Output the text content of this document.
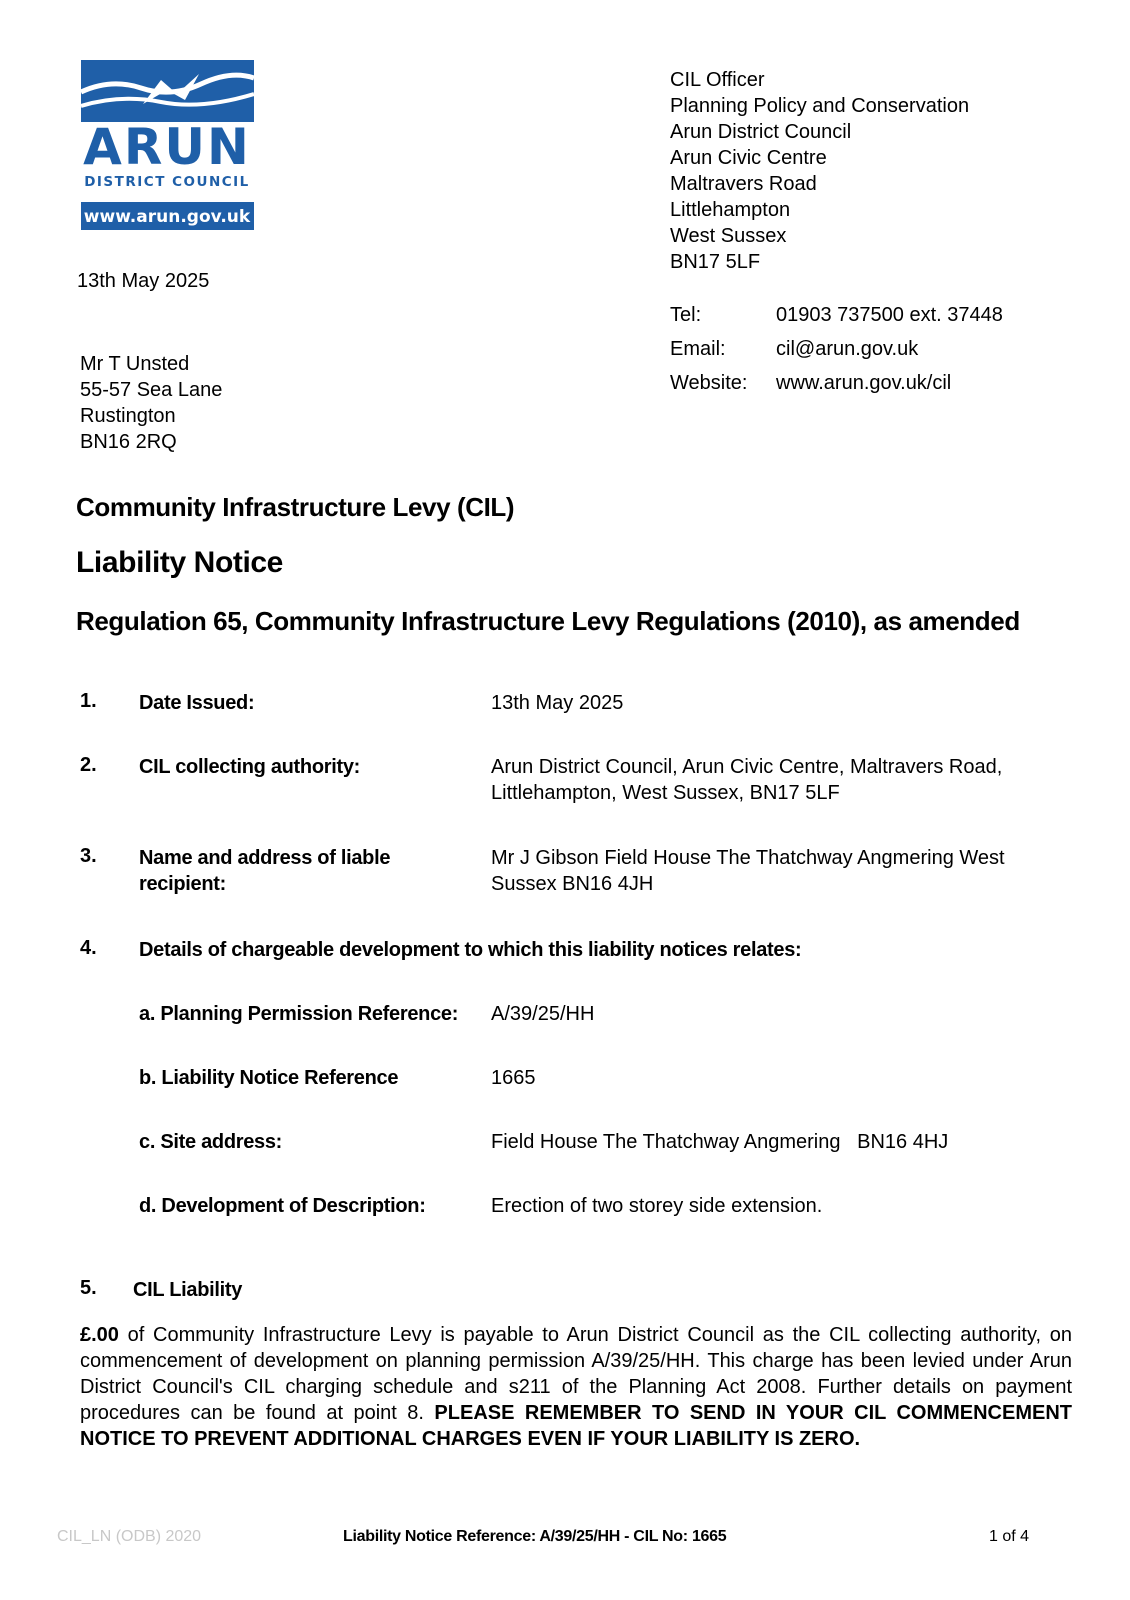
ARUN
DISTRICT COUNCIL
www.arun.gov.uk
CIL Officer
Planning Policy and Conservation
Arun District Council
Arun Civic Centre
Maltravers Road
Littlehampton
West Sussex
BN17 5LF
Tel:	01903 737500 ext. 37448
Email:	cil@arun.gov.uk
Website:	www.arun.gov.uk/cil
13th May 2025
Mr T Unsted
55-57 Sea Lane
Rustington
BN16 2RQ
Community Infrastructure Levy (CIL)
Liability Notice
Regulation 65, Community Infrastructure Levy Regulations (2010), as amended
1. Date Issued:	13th May 2025
2. CIL collecting authority:	Arun District Council, Arun Civic Centre, Maltravers Road,
Littlehampton, West Sussex, BN17 5LF
3. Name and address of liable
recipient:
Mr J Gibson Field House The Thatchway Angmering West
Sussex BN16 4JH
4. Details of chargeable development to which this liability notices relates:
a. Planning Permission Reference: A/39/25/HH
b. Liability Notice Reference	1665
c. Site address:	Field House The Thatchway Angmering   BN16 4HJ
d. Development of Description:	Erection of two storey side extension.
5. CIL Liability
£.00 of Community Infrastructure Levy is payable to Arun District Council as the CIL collecting authority, on commencement of development on planning permission A/39/25/HH. This charge has been levied under Arun District Council's CIL charging schedule and s211 of the Planning Act 2008. Further details on payment procedures can be found at point 8. PLEASE REMEMBER TO SEND IN YOUR CIL COMMENCEMENT NOTICE TO PREVENT ADDITIONAL CHARGES EVEN IF YOUR LIABILITY IS ZERO.
CIL_LN (ODB) 2020	Liability Notice Reference: A/39/25/HH - CIL No: 1665	1 of 4
